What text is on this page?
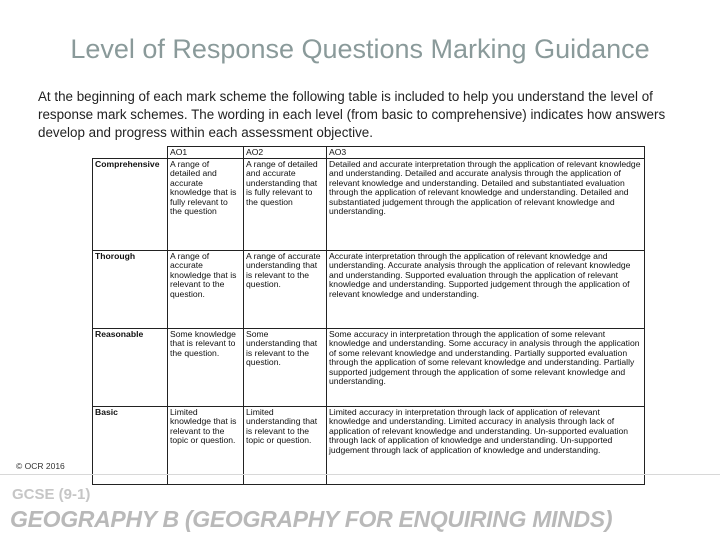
Level of Response Questions Marking Guidance
At the beginning of each mark scheme the following table is included to help you understand the level of response mark schemes. The wording in each level (from basic to comprehensive) indicates how answers develop and progress within each assessment objective.
	AO1	AO2	AO3
Comprehensive	A range of detailed and accurate knowledge that is fully relevant to the question	A range of detailed and accurate understanding that is fully relevant to the question	Detailed and accurate interpretation through the application of relevant knowledge and understanding. Detailed and accurate analysis through the application of relevant knowledge and understanding. Detailed and substantiated evaluation through the application of relevant knowledge and understanding. Detailed and substantiated judgement through the application of relevant knowledge and understanding.
Thorough	A range of accurate knowledge that is relevant to the question.	A range of accurate understanding that is relevant to the question.	Accurate interpretation through the application of relevant knowledge and understanding. Accurate analysis through the application of relevant knowledge and understanding. Supported evaluation through the application of relevant knowledge and understanding. Supported judgement through the application of relevant knowledge and understanding.
Reasonable	Some knowledge that is relevant to the question.	Some understanding that is relevant to the question.	Some accuracy in interpretation through the application of some relevant knowledge and understanding. Some accuracy in analysis through the application of some relevant knowledge and understanding. Partially supported evaluation through the application of some relevant knowledge and understanding. Partially supported judgement through the application of some relevant knowledge and understanding.
Basic	Limited knowledge that is relevant to the topic or question.	Limited understanding that is relevant to the topic or question.	Limited accuracy in interpretation through lack of application of relevant knowledge and understanding. Limited accuracy in analysis through lack of application of relevant knowledge and understanding. Un-supported evaluation through lack of application of knowledge and understanding. Un-supported judgement through lack of application of knowledge and understanding.
© OCR 2016
GCSE (9-1)
GEOGRAPHY B (GEOGRAPHY FOR ENQUIRING MINDS)
